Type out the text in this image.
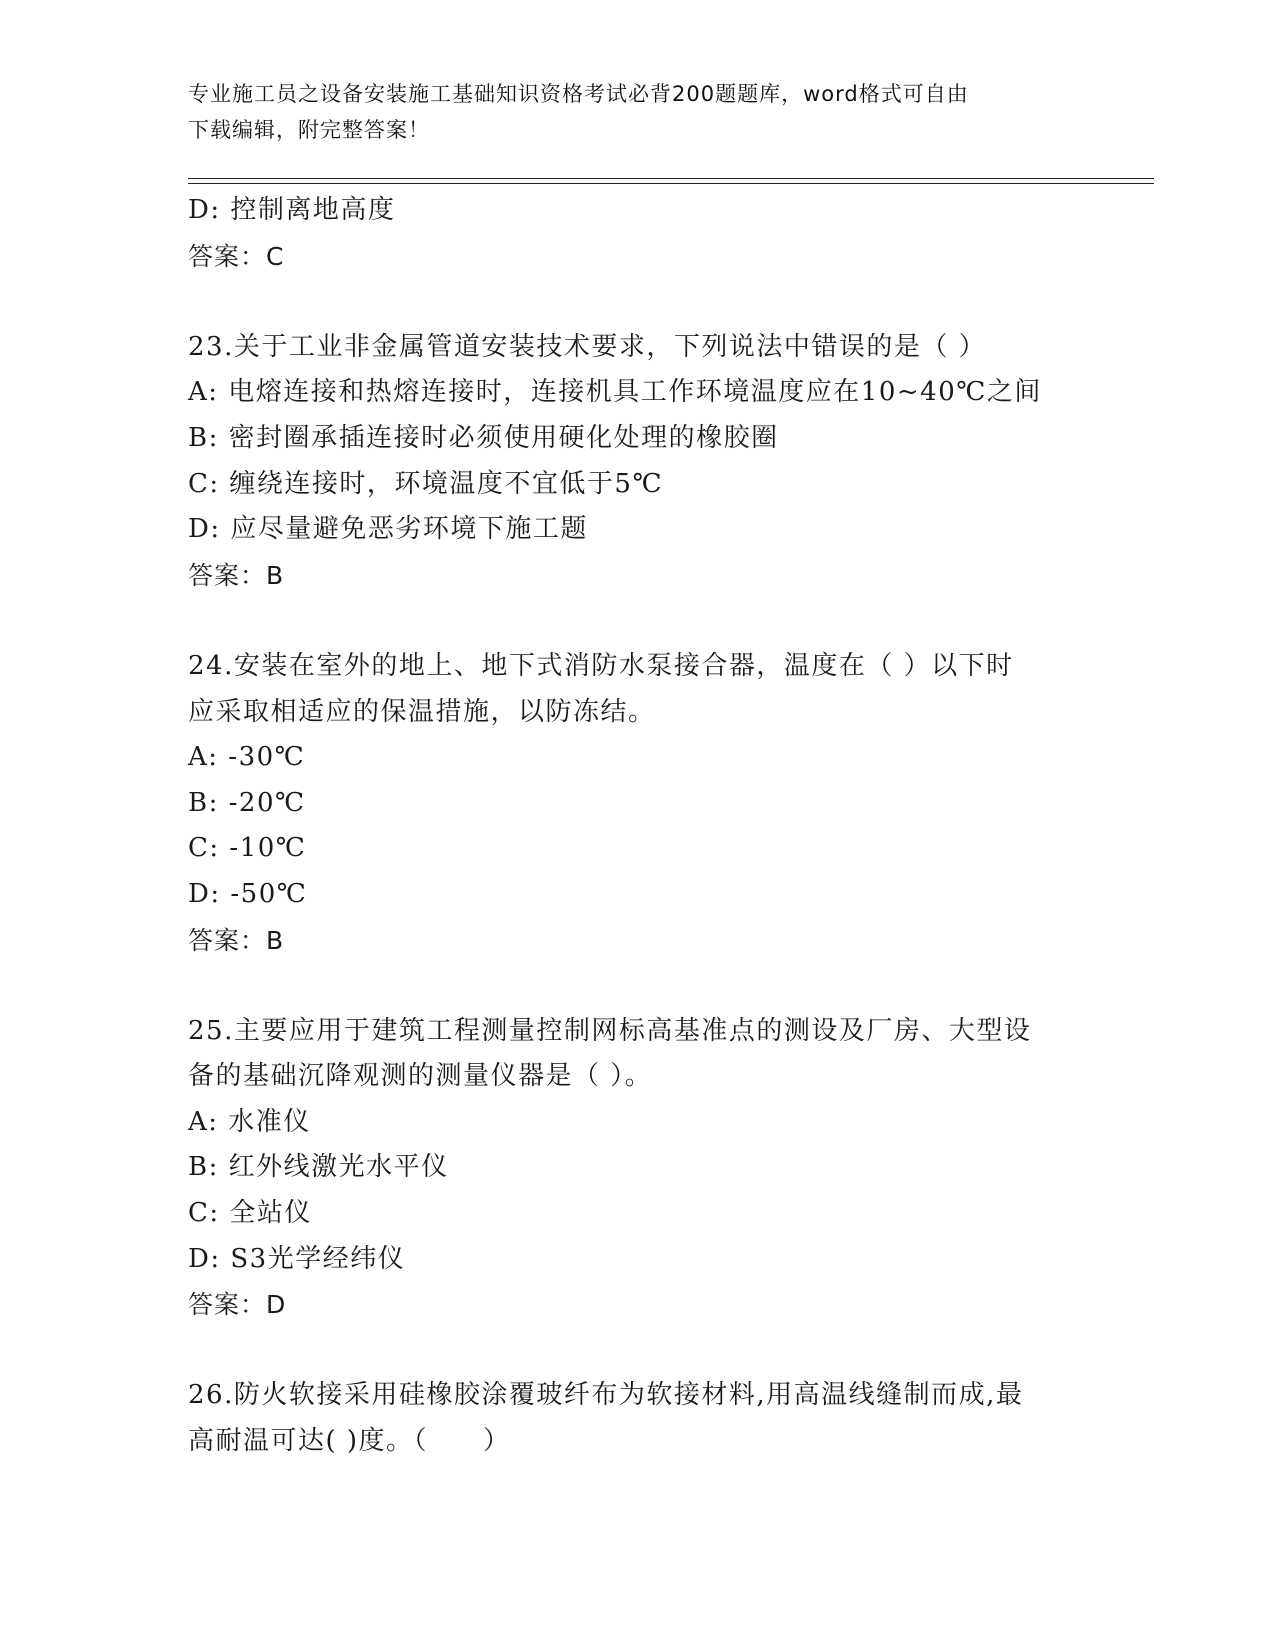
专业施工员之设备安装施工基础知识资格考试必背200题题库，word格式可自由
下载编辑，附完整答案！
D: 控制离地高度
答案：C
23.关于工业非金属管道安装技术要求，下列说法中错误的是（ ）
A: 电熔连接和热熔连接时，连接机具工作环境温度应在10~40℃之间
B: 密封圈承插连接时必须使用硬化处理的橡胶圈
C: 缠绕连接时，环境温度不宜低于5℃
D: 应尽量避免恶劣环境下施工题
答案：B
24.安装在室外的地上、地下式消防水泵接合器，温度在（ ）以下时
应采取相适应的保温措施，以防冻结。
A: -30℃
B: -20℃
C: -10℃
D: -50℃
答案：B
25.主要应用于建筑工程测量控制网标高基准点的测设及厂房、大型设
备的基础沉降观测的测量仪器是（ ）。
A: 水准仪
B: 红外线激光水平仪
C: 全站仪
D: S3光学经纬仪
答案：D
26.防火软接采用硅橡胶涂覆玻纤布为软接材料,用高温线缝制而成,最
高耐温可达( )度。（　　）
